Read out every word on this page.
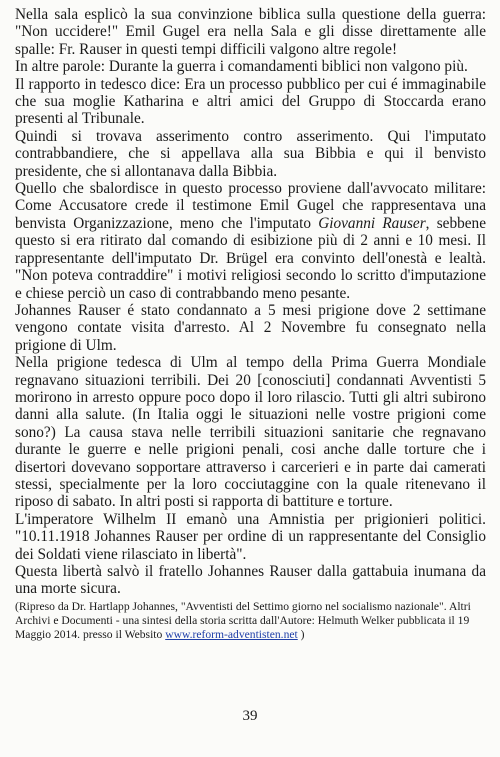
Nella sala esplicò la sua convinzione biblica sulla questione della guerra: "Non uccidere!" Emil Gugel era nella Sala e gli disse direttamente alle spalle: Fr. Rauser in questi tempi difficili valgono altre regole!

In altre parole: Durante la guerra i comandamenti biblici non valgono più.

Il rapporto in tedesco dice: Era un processo pubblico per cui é immaginabile che sua moglie Katharina e altri amici del Gruppo di Stoccarda erano presenti al Tribunale.

Quindi si trovava asserimento contro asserimento. Qui l'imputato contrabbandiere, che si appellava alla sua Bibbia e qui il benvisto presidente, che si allontanava dalla Bibbia.

Quello che sbalordisce in questo processo proviene dall'avvocato militare: Come Accusatore crede il testimone Emil Gugel che rappresentava una benvista Organizzazione, meno che l'imputato Giovanni Rauser, sebbene questo si era ritirato dal comando di esibizione più di 2 anni e 10 mesi. Il rappresentante dell'imputato Dr. Brügel era convinto dell'onestà e lealtà. "Non poteva contraddire" i motivi religiosi secondo lo scritto d'imputazione e chiese perciò un caso di contrabbando meno pesante.

Johannes Rauser é stato condannato a 5 mesi prigione dove 2 settimane vengono contate visita d'arresto. Al 2 Novembre fu consegnato nella prigione di Ulm.

Nella prigione tedesca di Ulm al tempo della Prima Guerra Mondiale regnavano situazioni terribili. Dei 20 [conosciuti] condannati Avventisti 5 morirono in arresto oppure poco dopo il loro rilascio. Tutti gli altri subirono danni alla salute. (In Italia oggi le situazioni nelle vostre prigioni come sono?) La causa stava nelle terribili situazioni sanitarie che regnavano durante le guerre e nelle prigioni penali, cosi anche dalle torture che i disertori dovevano sopportare attraverso i carcerieri e in parte dai camerati stessi, specialmente per la loro cocciutaggine con la quale ritenevano il riposo di sabato. In altri posti si rapporta di battiture e torture.

L'imperatore Wilhelm II emanò una Amnistia per prigionieri politici. "10.11.1918 Johannes Rauser per ordine di un rappresentante del Consiglio dei Soldati viene rilasciato in libertà".

Questa libertà salvò il fratello Johannes Rauser dalla gattabuia inumana da una morte sicura.

(Ripreso da Dr. Hartlapp Johannes, "Avventisti del Settimo giorno nel socialismo nazionale". Altri Archivi e Documenti - una sintesi della storia scritta dall'Autore: Helmuth Welker pubblicata il 19 Maggio 2014. presso il Websito www.reform-adventisten.net )

39
